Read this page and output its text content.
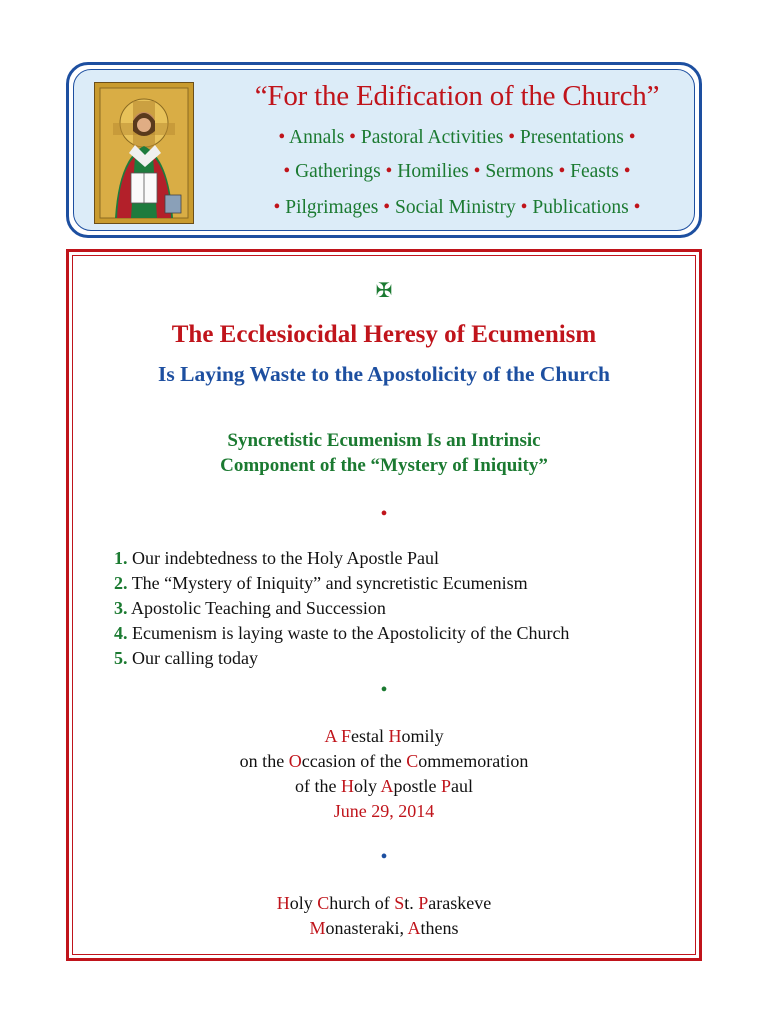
“For the Edification of the Church”

• Annals • Pastoral Activities • Presentations •

• Gatherings • Homilies • Sermons • Feasts •

• Pilgrimages • Social Ministry • Publications •

✠

The Ecclesiocidal Heresy of Ecumenism
Is Laying Waste to the Apostolicity of the Church

Syncretistic Ecumenism Is an Intrinsic
Component of the “Mystery of Iniquity”

•

1. Our indebtedness to the Holy Apostle Paul
2. The “Mystery of Iniquity” and syncretistic Ecumenism
3. Apostolic Teaching and Succession
4. Ecumenism is laying waste to the Apostolicity of the Church
5. Our calling today

•

A Festal Homily
on the Occasion of the Commemoration
of the Holy Apostle Paul
June 29, 2014

•

Holy Church of St. Paraskeve
Monasteraki, Athens
